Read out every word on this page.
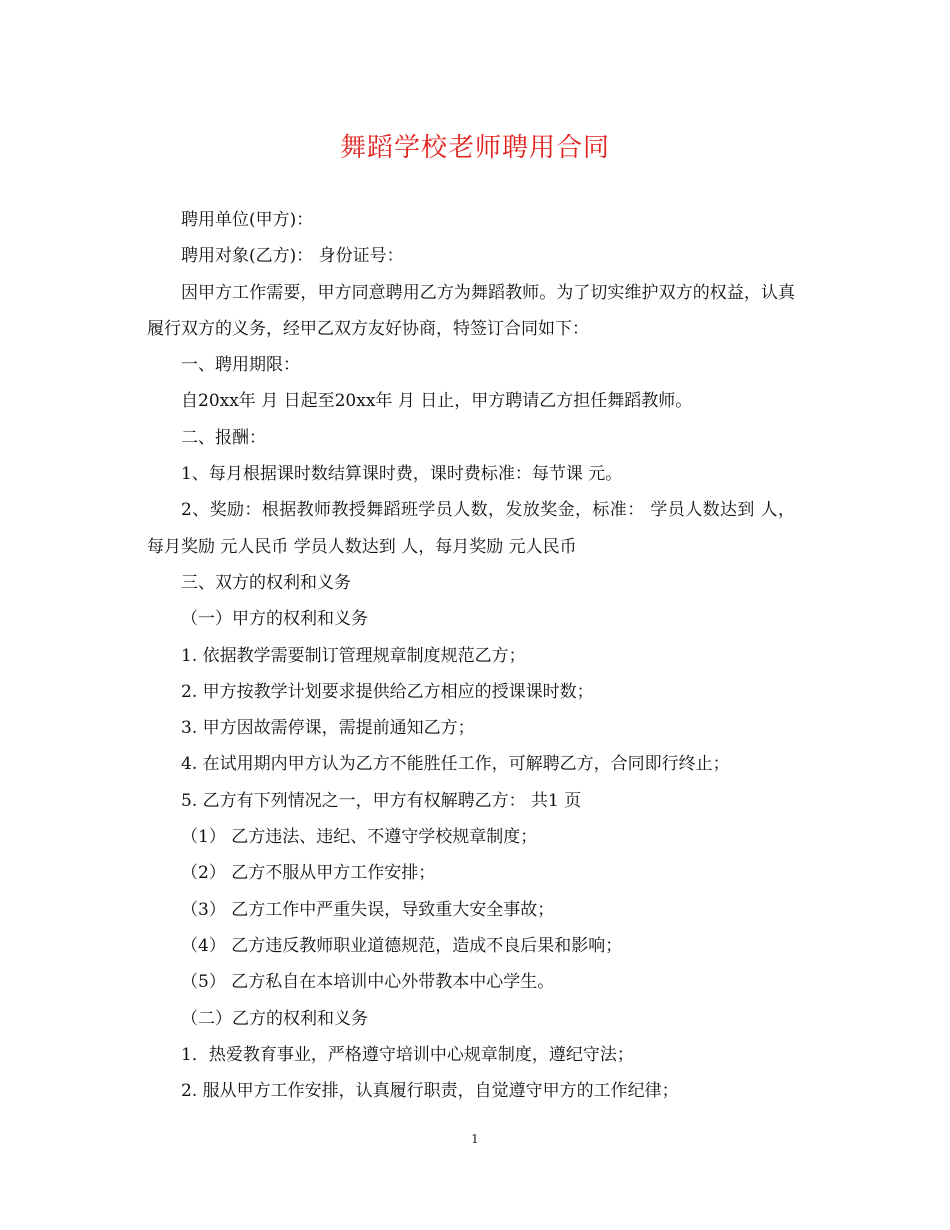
舞蹈学校老师聘用合同

聘用单位(甲方)：

聘用对象(乙方)： 身份证号：

因甲方工作需要，甲方同意聘用乙方为舞蹈教师。为了切实维护双方的权益，认真履行双方的义务，经甲乙双方友好协商，特签订合同如下：

一、聘用期限：

自20xx年 月 日起至20xx年 月 日止，甲方聘请乙方担任舞蹈教师。

二、报酬：

1、每月根据课时数结算课时费，课时费标准：每节课 元。

2、奖励：根据教师教授舞蹈班学员人数，发放奖金，标准： 学员人数达到 人，每月奖励 元人民币 学员人数达到 人，每月奖励 元人民币

三、双方的权利和义务

（一）甲方的权利和义务

1. 依据教学需要制订管理规章制度规范乙方；

2. 甲方按教学计划要求提供给乙方相应的授课课时数；

3. 甲方因故需停课，需提前通知乙方；

4. 在试用期内甲方认为乙方不能胜任工作，可解聘乙方，合同即行终止；

5. 乙方有下列情况之一，甲方有权解聘乙方： 共1 页

（1） 乙方违法、违纪、不遵守学校规章制度；

（2） 乙方不服从甲方工作安排；

（3） 乙方工作中严重失误，导致重大安全事故；

（4） 乙方违反教师职业道德规范，造成不良后果和影响；

（5） 乙方私自在本培训中心外带教本中心学生。

（二）乙方的权利和义务

1．热爱教育事业，严格遵守培训中心规章制度，遵纪守法；

2. 服从甲方工作安排，认真履行职责，自觉遵守甲方的工作纪律；

1
